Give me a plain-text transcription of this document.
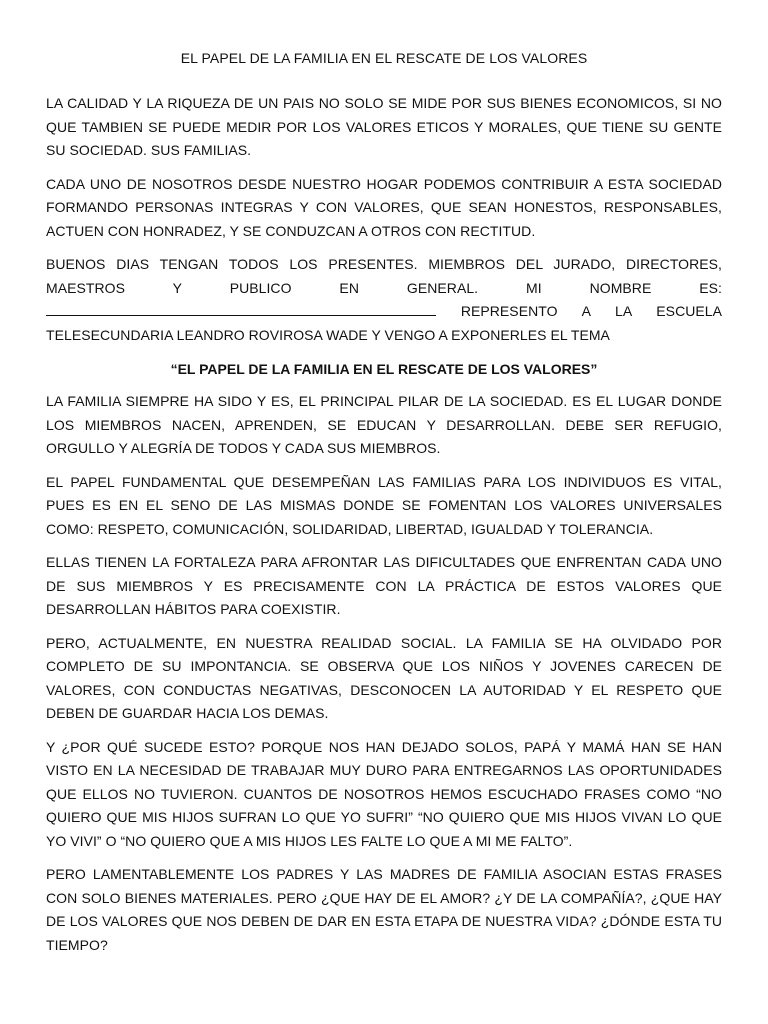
EL PAPEL DE LA FAMILIA EN EL RESCATE DE LOS VALORES

LA CALIDAD Y LA RIQUEZA DE UN PAIS NO SOLO SE MIDE POR SUS BIENES ECONOMICOS, SI NO QUE TAMBIEN SE PUEDE MEDIR POR LOS VALORES ETICOS Y MORALES, QUE TIENE SU GENTE SU SOCIEDAD. SUS FAMILIAS.

CADA UNO DE NOSOTROS DESDE NUESTRO HOGAR PODEMOS CONTRIBUIR A ESTA SOCIEDAD FORMANDO PERSONAS INTEGRAS Y CON VALORES, QUE SEAN HONESTOS, RESPONSABLES, ACTUEN CON HONRADEZ, Y SE CONDUZCAN A OTROS CON RECTITUD.

BUENOS DIAS TENGAN TODOS LOS PRESENTES. MIEMBROS DEL JURADO, DIRECTORES, MAESTROS Y PUBLICO EN GENERAL. MI NOMBRE ES:  REPRESENTO A LA ESCUELA TELESECUNDARIA LEANDRO ROVIROSA WADE Y VENGO A EXPONERLES EL TEMA

“EL PAPEL DE LA FAMILIA EN EL RESCATE DE LOS VALORES”

LA FAMILIA SIEMPRE HA SIDO Y ES, EL PRINCIPAL PILAR DE LA SOCIEDAD. ES EL LUGAR DONDE LOS MIEMBROS NACEN, APRENDEN, SE EDUCAN Y DESARROLLAN. DEBE SER REFUGIO, ORGULLO Y ALEGRÍA DE TODOS Y CADA SUS MIEMBROS.

EL PAPEL FUNDAMENTAL QUE DESEMPEÑAN LAS FAMILIAS PARA LOS INDIVIDUOS ES VITAL, PUES ES EN EL SENO DE LAS MISMAS DONDE SE FOMENTAN LOS VALORES UNIVERSALES COMO: RESPETO, COMUNICACIÓN, SOLIDARIDAD, LIBERTAD, IGUALDAD Y TOLERANCIA.

ELLAS TIENEN LA FORTALEZA PARA AFRONTAR LAS DIFICULTADES QUE ENFRENTAN CADA UNO DE SUS MIEMBROS Y ES PRECISAMENTE CON LA PRÁCTICA DE ESTOS VALORES QUE DESARROLLAN HÁBITOS PARA COEXISTIR.

PERO, ACTUALMENTE, EN NUESTRA REALIDAD SOCIAL. LA FAMILIA SE HA OLVIDADO POR COMPLETO DE SU IMPONTANCIA. SE OBSERVA QUE LOS NIÑOS Y JOVENES CARECEN DE VALORES, CON CONDUCTAS NEGATIVAS, DESCONOCEN LA AUTORIDAD Y EL RESPETO QUE DEBEN DE GUARDAR HACIA LOS DEMAS.

Y ¿POR QUÉ SUCEDE ESTO? PORQUE NOS HAN DEJADO SOLOS, PAPÁ Y MAMÁ HAN SE HAN VISTO EN LA NECESIDAD DE TRABAJAR MUY DURO PARA ENTREGARNOS LAS OPORTUNIDADES QUE ELLOS NO TUVIERON. CUANTOS DE NOSOTROS HEMOS ESCUCHADO FRASES COMO “NO QUIERO QUE MIS HIJOS SUFRAN LO QUE YO SUFRI” “NO QUIERO QUE MIS HIJOS VIVAN LO QUE YO VIVI” O “NO QUIERO QUE A MIS HIJOS LES FALTE LO QUE A MI ME FALTO”.

PERO LAMENTABLEMENTE LOS PADRES Y LAS MADRES DE FAMILIA ASOCIAN ESTAS FRASES CON SOLO BIENES MATERIALES. PERO ¿QUE HAY DE EL AMOR? ¿Y DE LA COMPAÑÍA?, ¿QUE HAY DE LOS VALORES QUE NOS DEBEN DE DAR EN ESTA ETAPA DE NUESTRA VIDA? ¿DÓNDE ESTA TU TIEMPO?
